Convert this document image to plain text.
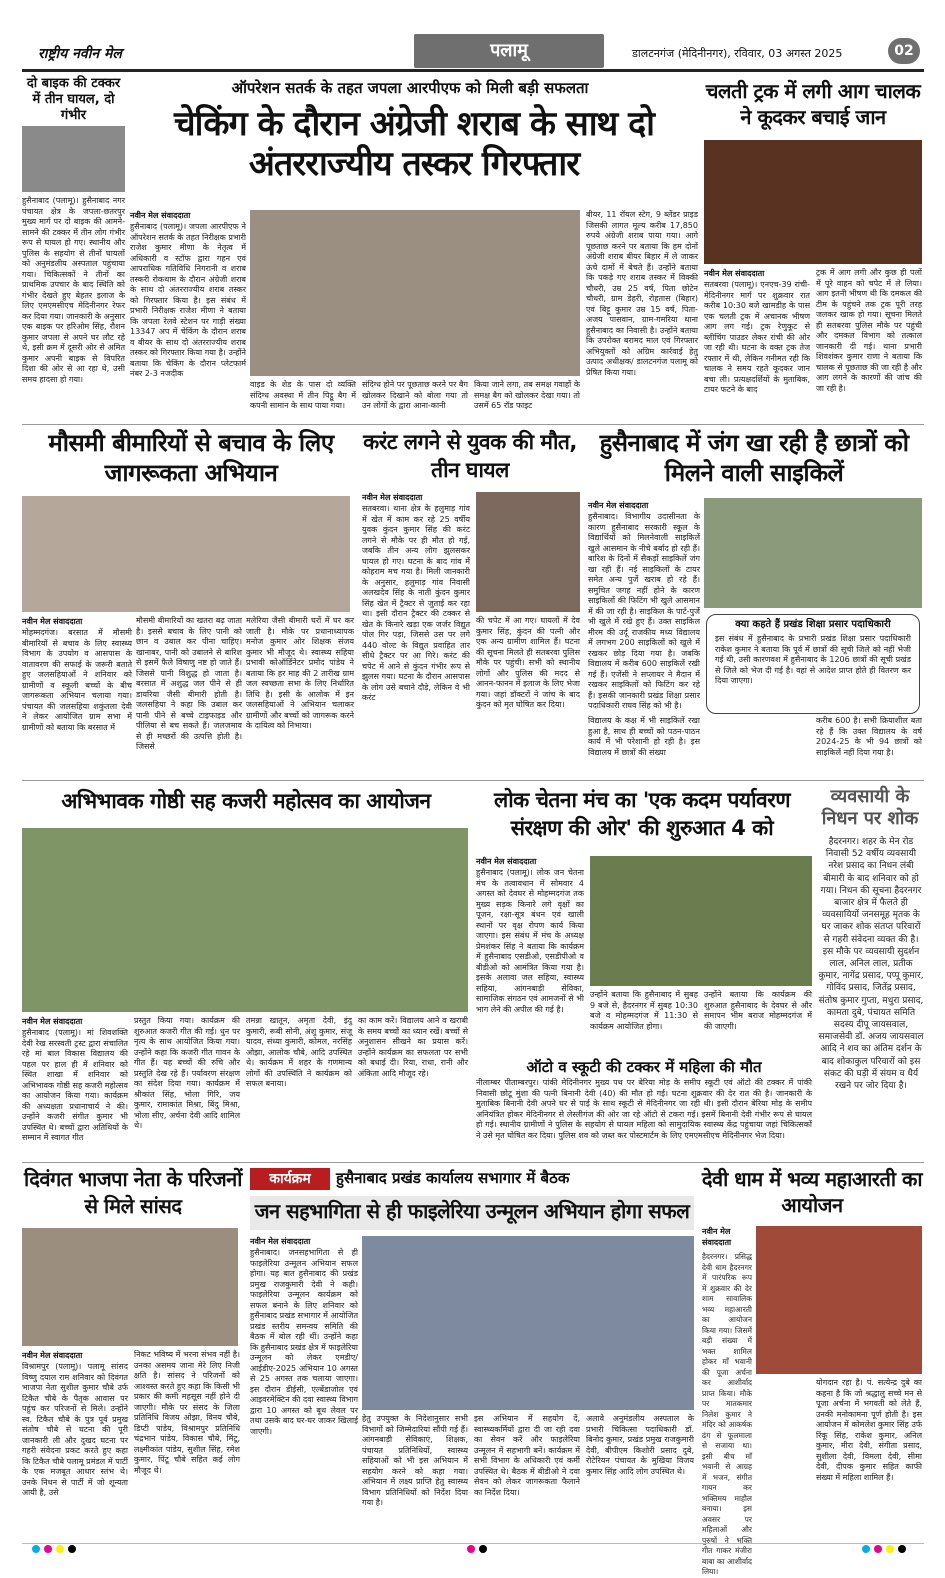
राष्ट्रीय नवीन मेल	पलामू	डालटनगंज (मेदिनीनगर), रविवार, 03 अगस्त 2025	02
दो बाइक की टक्कर में तीन घायल, दो गंभीर
हुसैनाबाद (पलामू)। हुसैनाबाद नगर पंचायत क्षेत्र के जपला-छतरपुर मुख्य मार्ग पर दो बाइक की आमने-सामने की टक्कर में तीन लोग गंभीर रूप से घायल हो गए। स्थानीय और पुलिस के सहयोग से तीनों घायलों को अनुमंडलीय अस्पताल पहुंचाया गया। चिकित्सकों ने तीनों का प्राथमिक उपचार के बाद स्थिति को गंभीर देखते हुए बेहतर इलाज के लिए एमएमसीएच मेदिनीनगर रेफर कर दिया गया। जानकारी के अनुसार एक बाइक पर हरिओम सिंह, रौशन कुमार जपला से अपने घर लौट रहे थे, इसी क्रम में दूसरी ओर से अमित कुमार अपनी बाइक से विपरित दिशा की ओर से आ रहा थे, उसी समय हादसा हो गया।
ऑपरेशन सतर्क के तहत जपला आरपीएफ को मिली बड़ी सफलता
चेकिंग के दौरान अंग्रेजी शराब के साथ दो अंतरराज्यीय तस्कर गिरफ्तार
नवीन मेल संवाददाता
हुसैनाबाद (पलामू)। जपला आरपीएफ ने ऑपरेशन सतर्क के तहत निरीक्षक प्रभारी राजेश कुमार मीणा के नेतृत्व में अधिकारी व स्टॉफ द्वारा गहन एवं आपराधिक गतिविधि निगरानी व शराब तस्करी रोकथाम के दौरान अंग्रेजी शराब के साथ दो अंतरराज्यीय शराब तस्कर को गिरफ्तार किया है। इस संबंध में प्रभारी निरीक्षक राजेश मीणा ने बताया कि जपला रेलवे स्टेशन पर गाड़ी संख्या 13347 अप में चेकिंग के दौरान शराब व बीयर के साथ दो अंतरराज्यीय शराब तस्कर को गिरफ्तार किया गया है। उन्होंने बताया कि चेकिंग के दौरान प्लेटफार्म नंबर 2-3 नजदीक
वाइड के शेड के पास दो व्यक्ति संदिग्ध अवस्था में तीन पिट्ठू बैग में कपनी सामान के साथ पाया गया।
संदिग्ध होने पर पूछताछ करने पर बैग खोलकर दिखाने को बोला गया तो उन लोगों के द्वारा आना-कानी
किया जाने लगा, तब समक्ष गवाहों के समक्ष बैग को खोलकर देखा गया। तो उसमें 65 रॉड फाइट
बीयर, 11 रॉयल स्टेग, 9 ब्लेंडर प्राइड जिसकी लागत मूल्य करीब 17,850 रुपये अंग्रेजी शराब पाया गया। आगे पूछताछ करने पर बताया कि हम दोनों अंग्रेजी शराब बीयर बिहार में ले जाकर ऊंचे दामों में बेचते हैं। उन्होंने बताया कि पकड़े गए शराब तस्कर में विक्की चौधरी, उम्र 25 वर्ष, पिता छोटेन चौधरी, ग्राम डेहरी, रोहतास (बिहार) एवं बिट्टू कुमार उम्र 15 वर्ष, पिता-अजय पासवान, ग्राम-गमरिया थाना हुसैनाबाद का निवासी है। उन्होंने बताया कि उपरोक्त बरामद माल एवं गिरफ्तार अभियुक्तों को अग्रिम कार्रवाई हेतु उत्पाद अधीक्षक/ डालटनगंज पलामू को प्रेषित किया गया।
चलती ट्रक में लगी आग चालक ने कूदकर बचाई जान
नवीन मेल संवाददाता
सतबरवा (पलामू)। एनएच-39 रांची-मेदिनीनगर मार्ग पर शुक्रवार रात करीब 10:30 बजे खामडीह के पास एक चलती ट्रक में अचानक भीषण आग लग गई। ट्रक रेणुकूट से ब्लीचिंग पाउडर लेकर रांची की ओर जा रही थी। घटना के वक्त ट्रक तेज रफ्तार में थी, लेकिन गनीमत रही कि चालक ने समय रहते कूदकर जान बचा ली। प्रत्यक्षदर्शियों के मुताबिक, टायर फटने के बाद
ट्रक में आग लगी और कुछ ही पलों में पूरे वाहन को चपेट में ले लिया। आग इतनी भीषण थी कि दमकल की टीम के पहुंचने तक ट्रक पूरी तरह जलकर खाक हो गया। सूचना मिलते ही सतबरवा पुलिस मौके पर पहुंची और दमकल विभाग को तत्काल जानकारी दी गई। थाना प्रभारी शिवशंकर कुमार राणा ने बताया कि चालक से पूछताछ की जा रही है और आग लगने के कारणों की जांच की जा रही है।
मौसमी बीमारियों से बचाव के लिए जागरूकता अभियान
नवीन मेल संवाददाता
मोहम्मदगंज। बरसात में मौसमी बीमारियों से बचाव के लिए स्वास्थ्य विभाग के उपयोग व आसपास के वातावरण की सफाई के जरूरी बताते हुए जलसहियाओं ने शनिवार को ग्रामीणों व स्कूली बच्चों के बीच जागरूकता अभियान चलाया गया। पंचायत की जलसहिया शकुंतला देवी ने लेकर आयोजित ग्राम सभा में ग्रामीणों को बताया कि बरसात में
मौसमी बीमारियों का खतरा बढ़ जाता है। इससे बचाव के लिए पानी को छान व उबाल कर पीना चाहिए। खानाबर, पानी को उबालने से बारिश से इसमें फैले विषाणु नष्ट हो जाते हैं। जिससे पानी विशुद्ध हो जाता है। बरसात में अशुद्ध जल पीने से ही डायरिया जैसी बीमारी होती है। जलसहिया ने कहा कि उबाल कर पानी पीने से बच्चे टाइफाइड और पीलिया से बच सकते हैं। जलजमाव से ही मच्छरों की उत्पत्ति होती है। जिससे
मलेरिया जैसी बीमारी घरों में घर कर जाती है। मौके पर प्रधानाध्यापक मनोज कुमार ओर शिक्षक संजय कुमार भी मौजूद थे। स्वास्थ्य सहिया प्रभावी कोऑर्डिनेटर प्रमोद पांडेय ने बताया कि हर माह की 2 तारीख ग्राम जल स्वच्छता सभा के लिए निर्धारित तिथि है। इसी के आलोक में इन जलसहियाओं ने अभियान चलाकर ग्रामीणों और बच्चों को जागरूक करने के दायित्व को निभाया।
करंट लगने से युवक की मौत, तीन घायल
नवीन मेल संवाददाता
सतबरवा। थाना क्षेत्र के हलुमाड़ गांव में खेत में काम कर रहे 25 वर्षीय युवक कुंदन कुमार सिंह की करंट लगने से मौके पर ही मौत हो गई, जबकि तीन अन्य लोग झुलसकर घायल हो गए। घटना के बाद गांव में कोहराम मच गया है। मिली जानकारी के अनुसार, हलुमाड़ गांव निवासी अलखदेव सिंह के नाती कुंदन कुमार सिंह खेत में ट्रैक्टर से जुताई कर रहा था। इसी दौरान ट्रैक्टर की टक्कर से खेत के किनारे खड़ा एक जर्जर विद्युत पोल गिर पड़ा, जिससे उस पर लगे 440 वोल्ट के विद्युत प्रवाहित तार सीधे ट्रैक्टर पर आ गिरे। करंट की चपेट में आने से कुंदन गंभीर रूप से झुलस गया। घटना के दौरान आसपास के लोग उसे बचाने दौड़े, लेकिन वे भी करंट
की चपेट में आ गए। घायलों में देव कुमार सिंह, कुंदन की पत्नी और एक अन्य ग्रामीण शामिल हैं। घटना की सूचना मिलते ही सतबरवा पुलिस मौके पर पहुंची। सभी को स्थानीय लोगों और पुलिस की मदद से आनन-फानन में इलाज के लिए भेजा गया। जहां डॉक्टरों ने जांच के बाद कुंदन को मृत घोषित कर दिया।
हुसैनाबाद में जंग खा रही है छात्रों को मिलने वाली साइकिलें
नवीन मेल संवाददाता
हुसैनाबाद। विभागीय उदासीनता के कारण हुसैनाबाद सरकारी स्कूल के विद्यार्थियों को मिलनेवाली साइकिलें खुले आसमान के नीचे बर्बाद हो रही हैं। बारिश के दिनों में सैकड़ों साइकिलें जंग खा रही हैं। नई साइकिलों के टायर समेत अन्य पुर्जे खराब हो रहे हैं। समुचित जगह नहीं होने के कारण साइकिलों की फिटिंग भी खुले आसमान में की जा रही है। साइकिल के पार्ट-पुर्जे भी खुले में रखे हुए हैं। उक्त साइकिल मीरम की उर्दू राजकीय मध्य विद्यालय में लगभग 200 साइकिलों को खुले में रखकर छोड़ दिया गया है। जबकि विद्यालय में करीब 600 साइकिलें रखी गई हैं। एजेंसी ने सप्लायर ने मैदान में रखकर साइकिलों को फिटिंग कर रहे हैं। इसकी जानकारी प्रखंड शिक्षा प्रसार पदाधिकारी राघव सिंह को भी है।
क्या कहते हैं प्रखंड शिक्षा प्रसार पदाधिकारी
इस संबंध में हुसैनाबाद के प्रभारी प्रखंड शिक्षा प्रसार पदाधिकारी राकेश कुमार ने बताया कि पूर्व में छात्रों की सूची जिले को नहीं भेजी गई थी, उसी कारणवश में हुसैनाबाद के 1206 छात्रों की सूची प्रखंड से जिले को भेज दी गई है। वहां से आदेश प्राप्त होते ही वितरण कर दिया जाएगा।
विद्यालय के कक्ष में भी साइकिलें रखा हुआ है, साथ ही बच्चों को पठन-पाठन कार्य में भी परेशानी हो रही है। इस विद्यालय में छात्रों की संख्या
करीब 600 है। सभी क्रियाशील बता रहे हैं कि उक्त विद्यालय के वर्ष 2024-25 के भी 94 छात्रों को साइकिलें नहीं दिया गया है।
अभिभावक गोष्ठी सह कजरी महोत्सव का आयोजन
नवीन मेल संवाददाता
हुसैनाबाद (पलामू)। मां शिवशक्ति देवी रेख सरस्वती ट्रस्ट द्वारा संचालित रहे मां बाल विकास विद्यालय की पहल पर हाल ही में शनिवार को स्थित शाखा में शनिवार को अभिभावक गोष्ठी सह कजरी महोत्सव का आयोजन किया गया। कार्यक्रम की अध्यक्षता प्रधानाचार्य ने की। उन्होंने कजरी संगीत कुमार भी उपस्थित थे। बच्चों द्वारा अतिथियों के सम्मान में स्वागत गीत
प्रस्तुत किया गया। कार्यक्रम की शुरुआत कजरी गीत की गई। धुन पर नृत्य के साथ आयोजित किया गया। उन्होंने कहा कि कजरी गीत गावन के गीत हैं। यह बच्चों की रुचि और प्रस्तुति देख रहे हैं। पर्यावरण संरक्षण का संदेश दिया गया। कार्यक्रम में श्रीकांत सिंह, भोला गिरि, जय कुमार, रामाकांत मिश्रा, बिंदु मिश्रा, भोला सीए, अर्चना देवी आदि शामिल थे।
तमन्ना खातून, अमृता देवी, इंदु कुमारी, रूबी सोनी, अंशु कुमार, संजू यादव, संध्या कुमारी, कोमल, नरसिंह ओझा, आलोक चौबे, आदि उपस्थित थे। कार्यक्रम में शहर के गणमान्य लोगों की उपस्थिति ने कार्यक्रम को सफल बनाया।
का काम करें। विद्यालय आने व खराबी के समय बच्चों का ध्यान रखें। बच्चों से अनुशासन सीखने का प्रयास करें। उन्होंने कार्यक्रम का सफलता पर सभी को बधाई दी। रिया, राधा, रानी और अंकिता आदि मौजूद रहे।
लोक चेतना मंच का 'एक कदम पर्यावरण संरक्षण की ओर' की शुरुआत 4 को
नवीन मेल संवाददाता
हुसैनाबाद (पलामू)। लोक जन चेतना मंच के तत्वावधान में सोमवार 4 अगस्त को देवघर से मोहम्मदगंज तक मुख्य सड़क किनारे लगे वृक्षों का पूजन, रक्षा-सूत्र बंधन एवं खाली स्थानों पर वृक्ष रोपण कार्य किया जाएगा। इस संबंध में मंच के अध्यक्ष प्रेमशंकर सिंह ने बताया कि कार्यक्रम में हुसैनाबाद एसडीओ, एसडीपीओ व बीडीओ को आमंत्रित किया गया है। इसके अलावा जल सहिया, स्वास्थ्य सहिया, आंगनबाड़ी सेविका, सामाजिक संगठन एवं आमजनों से भी भाग लेने की अपील की गई है।
उन्होंने बताया कि हुसैनाबाद में सुबह 9 बजे से, हैदरनगर में सुबह 10:30 बजे व मोहम्मदगंज में 11:30 से कार्यक्रम आयोजित होगा।
उन्होंने बताया कि कार्यक्रम की शुरुआत हुसैनाबाद के देवघर से और समापन भीम बराज मोहम्मदगंज में की जाएगी।
व्यवसायी के निधन पर शोक
हैदरनगर। शहर के मेन रोड निवासी 52 वर्षीय व्यवसायी नरेश प्रसाद का निधन लंबी बीमारी के बाद शनिवार को हो गया। निधन की सूचना हैदरनगर बाजार क्षेत्र में फैलते ही व्यवसायियों जनसमूह मृतक के घर जाकर शोक संतप्त परिवारों से गहरी संवेदना व्यक्त की है। इस मौके पर व्यवसायी सुदर्शन लाल, अनिल लाल, प्रतीक कुमार, नागेंद्र प्रसाद, पप्पू कुमार, गोविंद प्रसाद, जितेंद्र प्रसाद, संतोष कुमार गुप्ता, मधुरा प्रसाद, कामता दुबे, पंचायत समिति सदस्य दीपू जायसवाल, समाजसेवी डॉ. अजय जायसवाल आदि ने शव का अंतिम दर्शन के बाद शोकाकुल परिवारों को इस संकट की घड़ी में संयम व धैर्य रखने पर जोर दिया है।
ऑटो व स्कूटी की टक्कर में महिला की मौत
नीलाम्बर पीताम्बरपुर। पांकी मेदिनीनगर मुख्य पथ पर बेरिया मोड़ के समीप स्कूटी एवं ऑटो की टक्कर में पांकी निवासी छोटू मुंशा की पत्नी बिनानी देवी (40) की मौत हो गई। घटना शुक्रवार की देर रात की है। जानकारी के मुताबिक बिनानी देवी अपने घर से पाई के साथ स्कूटी से मेदिनीनगर जा रही थी। इसी दौरान बेरिया मोड़ के समीप अनियंत्रित होकर मेदिनीनगर से लेस्लीगंज की ओर जा रहे ऑटो से टकरा गई। इसमें बिनानी देवी गंभीर रूप से घायल हो गई। स्थानीय ग्रामीणों ने पुलिस के सहयोग से घायल महिला को सामुदायिक स्वास्थ्य केंद्र पहुंचाया जहां चिकित्सकों ने उसे मृत घोषित कर दिया। पुलिस शव को जब्त कर पोस्टमार्टम के लिए एमएमसीएच मेदिनीनगर भेज दिया।
दिवंगत भाजपा नेता के परिजनों से मिले सांसद
नवीन मेल संवाददाता
विश्रामपुर (पलामू)। पलामू सांसद विष्णु दयाल राम शनिवार को दिवंगत भाजपा नेता सुशील कुमार चौबे उर्फ टिकैत चौबे के पैतृक आवास पर पहुंच कर परिजनों से मिले। उन्होंने स्व. टिकैत चौबे के पुत्र पूर्व प्रमुख संतोष चौबे से घटना की पूरी जानकारी ली और दुखद घटना पर गहरी संवेदना प्रकट करते हुए कहा कि टिकैत चौबे पलामू प्रमंडल में पार्टी के एक मजबूत आधार स्तंभ थे। उनके निधन से पार्टी में जो शून्यता आयी है, उसे
निकट भविष्य में भरना संभव नहीं है। उनका असमय जाना मेरे लिए निजी क्षति है। सांसद ने परिजनों को आश्वस्त करते हुए कहा कि किसी भी प्रकार की कमी महसूस नहीं होने दी जाएगी। मौके पर संसद के जिला प्रतिनिधि विजय ओझा, विनय चौबे, डिप्टी पांडेय, विश्रामपुर प्रतिनिधि चंद्रभान पांडेय, विकास चौबे, मिंटू, लक्ष्मीकांत पांडेय, सुशील सिंह, रमेश कुमार, पिंटू चौबे सहित कई लोग मौजूद थे।
कार्यक्रम	हुसैनाबाद प्रखंड कार्यालय सभागार में बैठक
जन सहभागिता से ही फाइलेरिया उन्मूलन अभियान होगा सफल
नवीन मेल संवाददाता
हुसैनाबाद। जनसहभागिता से ही फाइलेरिया उन्मूलन अभियान सफल होगा। यह बात हुसैनाबाद की प्रखंड प्रमुख राजकुमारी देवी ने कही। फाइलेरिया उन्मूलन कार्यक्रम को सफल बनाने के लिए शनिवार को हुसैनाबाद प्रखंड सभागार में आयोजित प्रखंड स्तरीय समन्वय समिति की बैठक में बोल रही थीं। उन्होंने कहा कि हुसैनाबाद प्रखंड क्षेत्र में फाइलेरिया उन्मूलन को लेकर एमडीए/आईडीए-2025 अभियान 10 अगस्त से 25 अगस्त तक चलाया जाएगा। इस दौरान डीईसी, एल्बेंडाजोल एवं आइवरमेक्टिन की दवा स्वास्थ्य विभाग द्वारा 10 अगस्त को बूथ लेवल पर तथा उसके बाद घर-घर जाकर खिलाई जाएगी।
हेतु उपयुक्त के निदेशानुसार सभी विभागों को जिम्मेदारियां सौंपी गई हैं। आंगनबाड़ी सेविकाएं, शिक्षक, पंचायत प्रतिनिधियों, स्वास्थ्य सहियाओं को भी इस अभियान में सहयोग करने को कहा गया। अभियान में लक्ष्य प्राप्ति हेतु स्वास्थ्य विभाग प्रतिनिधियों को निर्देश दिया गया है।
इस अभियान में सहयोग दें, स्वास्थ्यकर्मियों द्वारा दी जा रही दवा का सेवन करें और फाइलेरिया उन्मूलन में सहभागी बनें। कार्यक्रम में सभी विभाग के अधिकारी एवं कर्मी उपस्थित थे। बैठक में बीडीओ ने दवा सेवन को लेकर जागरूकता फैलाने का निर्देश दिया।
अलावे अनुमंडलीय अस्पताल के प्रभारी चिकित्सा पदाधिकारी डॉ. बिनोद कुमार, प्रखंड प्रमुख राजकुमारी देवी, बीपीएम किशोरी प्रसाद दुबे, रोटेरियन पंचायत के मुखिया विजय कुमार सिंह आदि लोग उपस्थित थे।
देवी धाम में भव्य महाआरती का आयोजन
नवीन मेल संवाददाता
हैदरनगर। प्रसिद्ध देवी धाम हैदरनगर में पारंपरिक रूप में शुक्रवार की देर शाम सावालिक भव्य महाआरती का आयोजन किया गया। जिसमें बड़ी संख्या में भक्त शामिल होकर माँ भवानी की पूजा अर्चना कर आशीर्वाद प्राप्त किया। मौके पर मातकमार निलेश कुमार ने मंदिर को आकर्षक ढंग से फूलमाला से सजाया था। इसी बीच माँ भवानी से आग्रह में भजन, संगीत गायन कर भक्तिमय माहौल बनाया। इस अवसर पर महिलाओं और पुरुषों ने भक्ति गीत गाकर मंजीरा बाबा का आशीर्वाद लिया।
योगदान रहा है। पं. सत्येन्द्र दुबे का कहना है कि जो श्रद्धालु सच्चे मन से पूजा अर्चना में भगवती को लेते हैं, उनकी मनोकामना पूर्ण होती है। इस आयोजन में कोमलेश कुमार सिंह उर्फ रिंकू सिंह, राकेश कुमार, अनिल कुमार, मीरा देवी, संगीता प्रसाद, सुशीला देवी, विमला देवी, सीमा देवी, दीपक कुमार सहित काफी संख्या में महिला शामिल हैं।
